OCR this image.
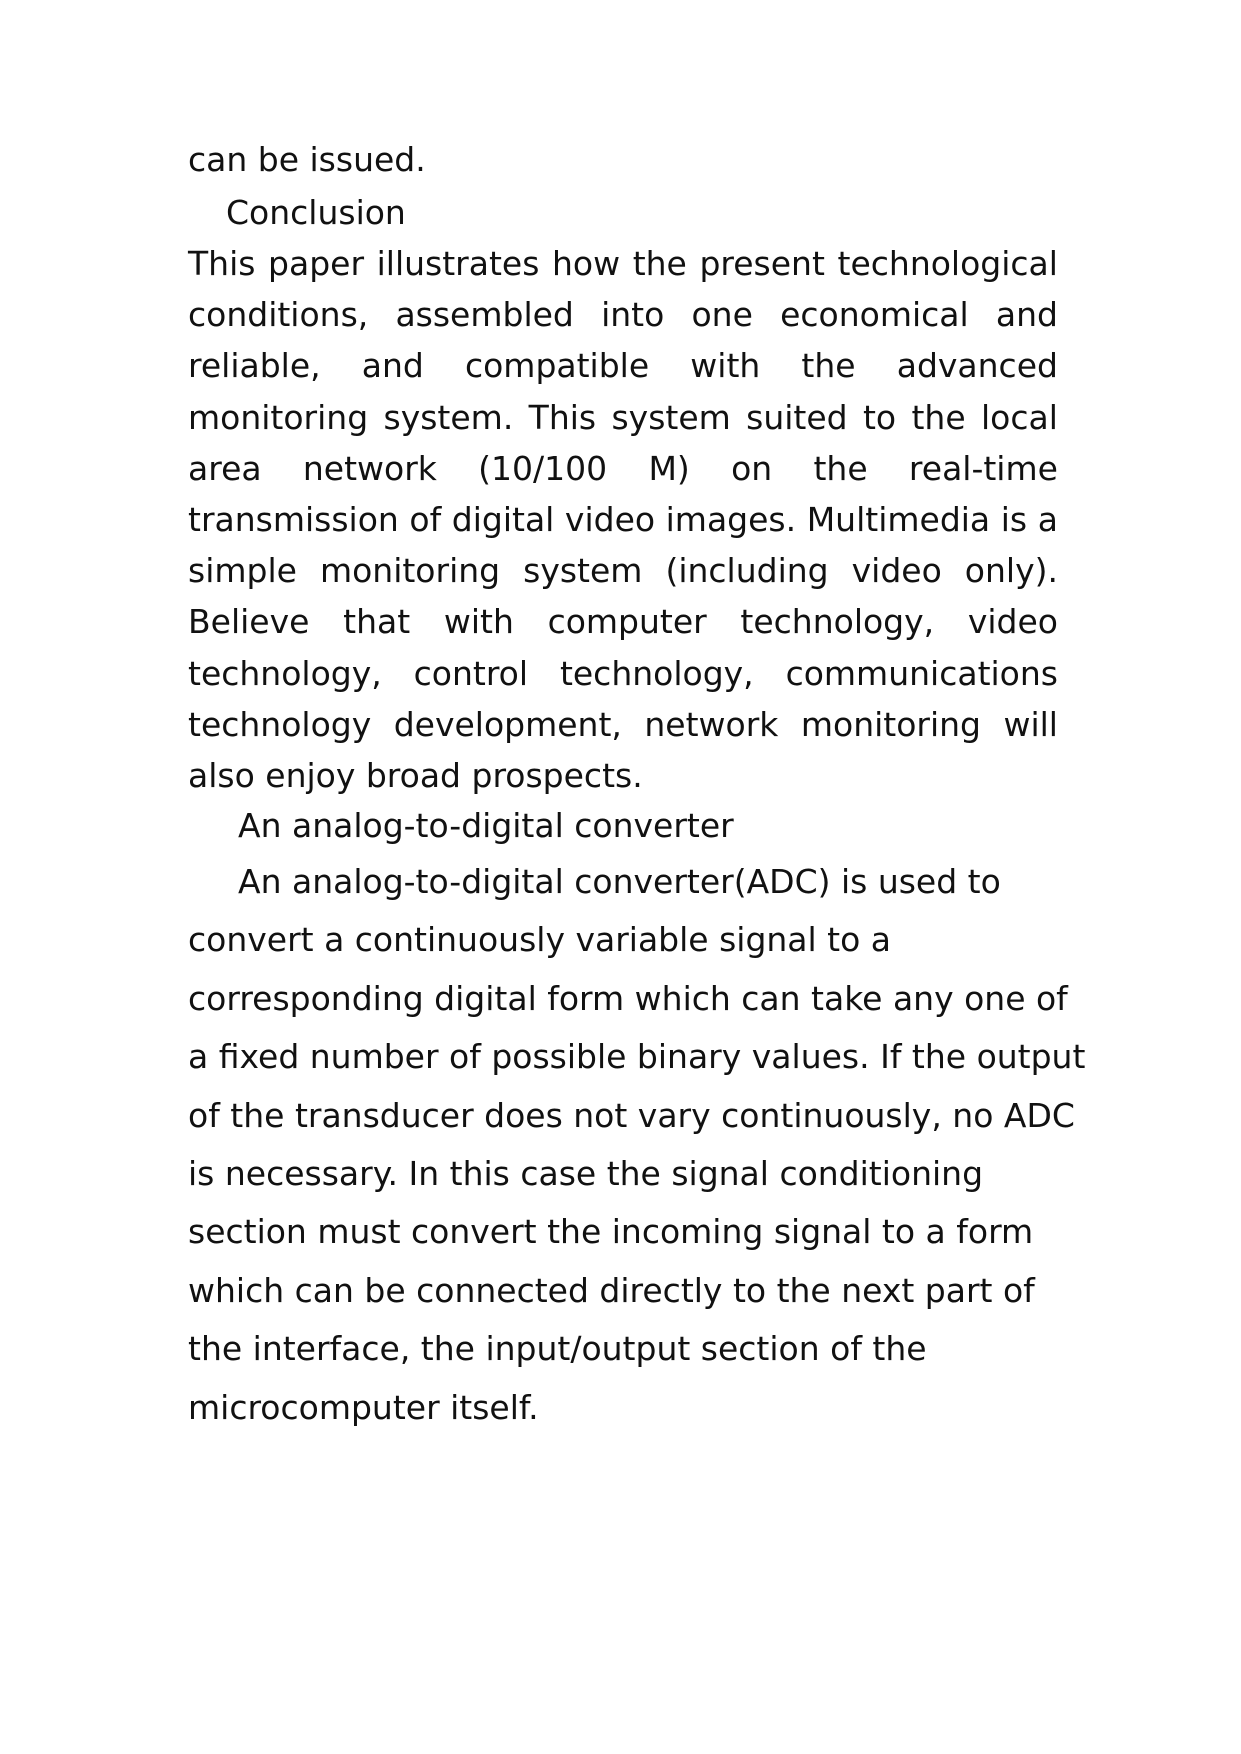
can be issued.
Conclusion
This paper illustrates how the present technological
conditions, assembled into one economical and
reliable, and compatible with the advanced
monitoring system. This system suited to the local
area network (10/100 M) on the real-time
transmission of digital video images. Multimedia is a
simple monitoring system (including video only).
Believe that with computer technology, video
technology, control technology, communications
technology development, network monitoring will
also enjoy broad prospects.
An analog-to-digital converter
An analog-to-digital converter(ADC) is used to
convert a continuously variable signal to a
corresponding digital form which can take any one of
a fixed number of possible binary values. If the output
of the transducer does not vary continuously, no ADC
is necessary. In this case the signal conditioning
section must convert the incoming signal to a form
which can be connected directly to the next part of
the interface, the input/output section of the
microcomputer itself.
